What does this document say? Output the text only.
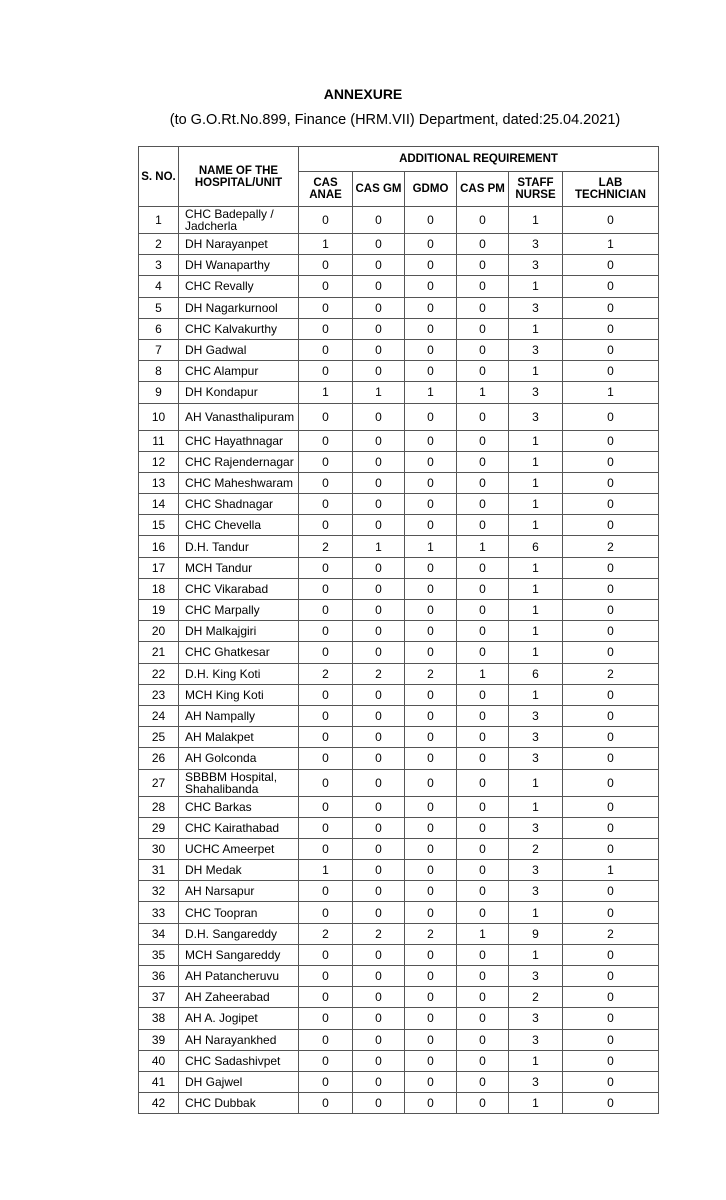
ANNEXURE
(to G.O.Rt.No.899, Finance (HRM.VII) Department, dated:25.04.2021)
S. NO.	NAME OF THE HOSPITAL/UNIT	ADDITIONAL REQUIREMENT					
		CAS ANAE	CAS GM	GDMO	CAS PM	STAFF NURSE	LAB TECHNICIAN
1	CHC Badepally / Jadcherla	0	0	0	0	1	0
2	DH Narayanpet	1	0	0	0	3	1
3	DH Wanaparthy	0	0	0	0	3	0
4	CHC Revally	0	0	0	0	1	0
5	DH Nagarkurnool	0	0	0	0	3	0
6	CHC Kalvakurthy	0	0	0	0	1	0
7	DH Gadwal	0	0	0	0	3	0
8	CHC Alampur	0	0	0	0	1	0
9	DH Kondapur	1	1	1	1	3	1
10	AH Vanasthalipuram	0	0	0	0	3	0
11	CHC Hayathnagar	0	0	0	0	1	0
12	CHC Rajendernagar	0	0	0	0	1	0
13	CHC Maheshwaram	0	0	0	0	1	0
14	CHC Shadnagar	0	0	0	0	1	0
15	CHC Chevella	0	0	0	0	1	0
16	D.H. Tandur	2	1	1	1	6	2
17	MCH Tandur	0	0	0	0	1	0
18	CHC Vikarabad	0	0	0	0	1	0
19	CHC Marpally	0	0	0	0	1	0
20	DH Malkajgiri	0	0	0	0	1	0
21	CHC Ghatkesar	0	0	0	0	1	0
22	D.H. King Koti	2	2	2	1	6	2
23	MCH King Koti	0	0	0	0	1	0
24	AH Nampally	0	0	0	0	3	0
25	AH Malakpet	0	0	0	0	3	0
26	AH Golconda	0	0	0	0	3	0
27	SBBBM Hospital, Shahalibanda	0	0	0	0	1	0
28	CHC Barkas	0	0	0	0	1	0
29	CHC Kairathabad	0	0	0	0	3	0
30	UCHC Ameerpet	0	0	0	0	2	0
31	DH Medak	1	0	0	0	3	1
32	AH Narsapur	0	0	0	0	3	0
33	CHC Toopran	0	0	0	0	1	0
34	D.H. Sangareddy	2	2	2	1	9	2
35	MCH Sangareddy	0	0	0	0	1	0
36	AH Patancheruvu	0	0	0	0	3	0
37	AH Zaheerabad	0	0	0	0	2	0
38	AH A. Jogipet	0	0	0	0	3	0
39	AH Narayankhed	0	0	0	0	3	0
40	CHC Sadashivpet	0	0	0	0	1	0
41	DH Gajwel	0	0	0	0	3	0
42	CHC Dubbak	0	0	0	0	1	0
